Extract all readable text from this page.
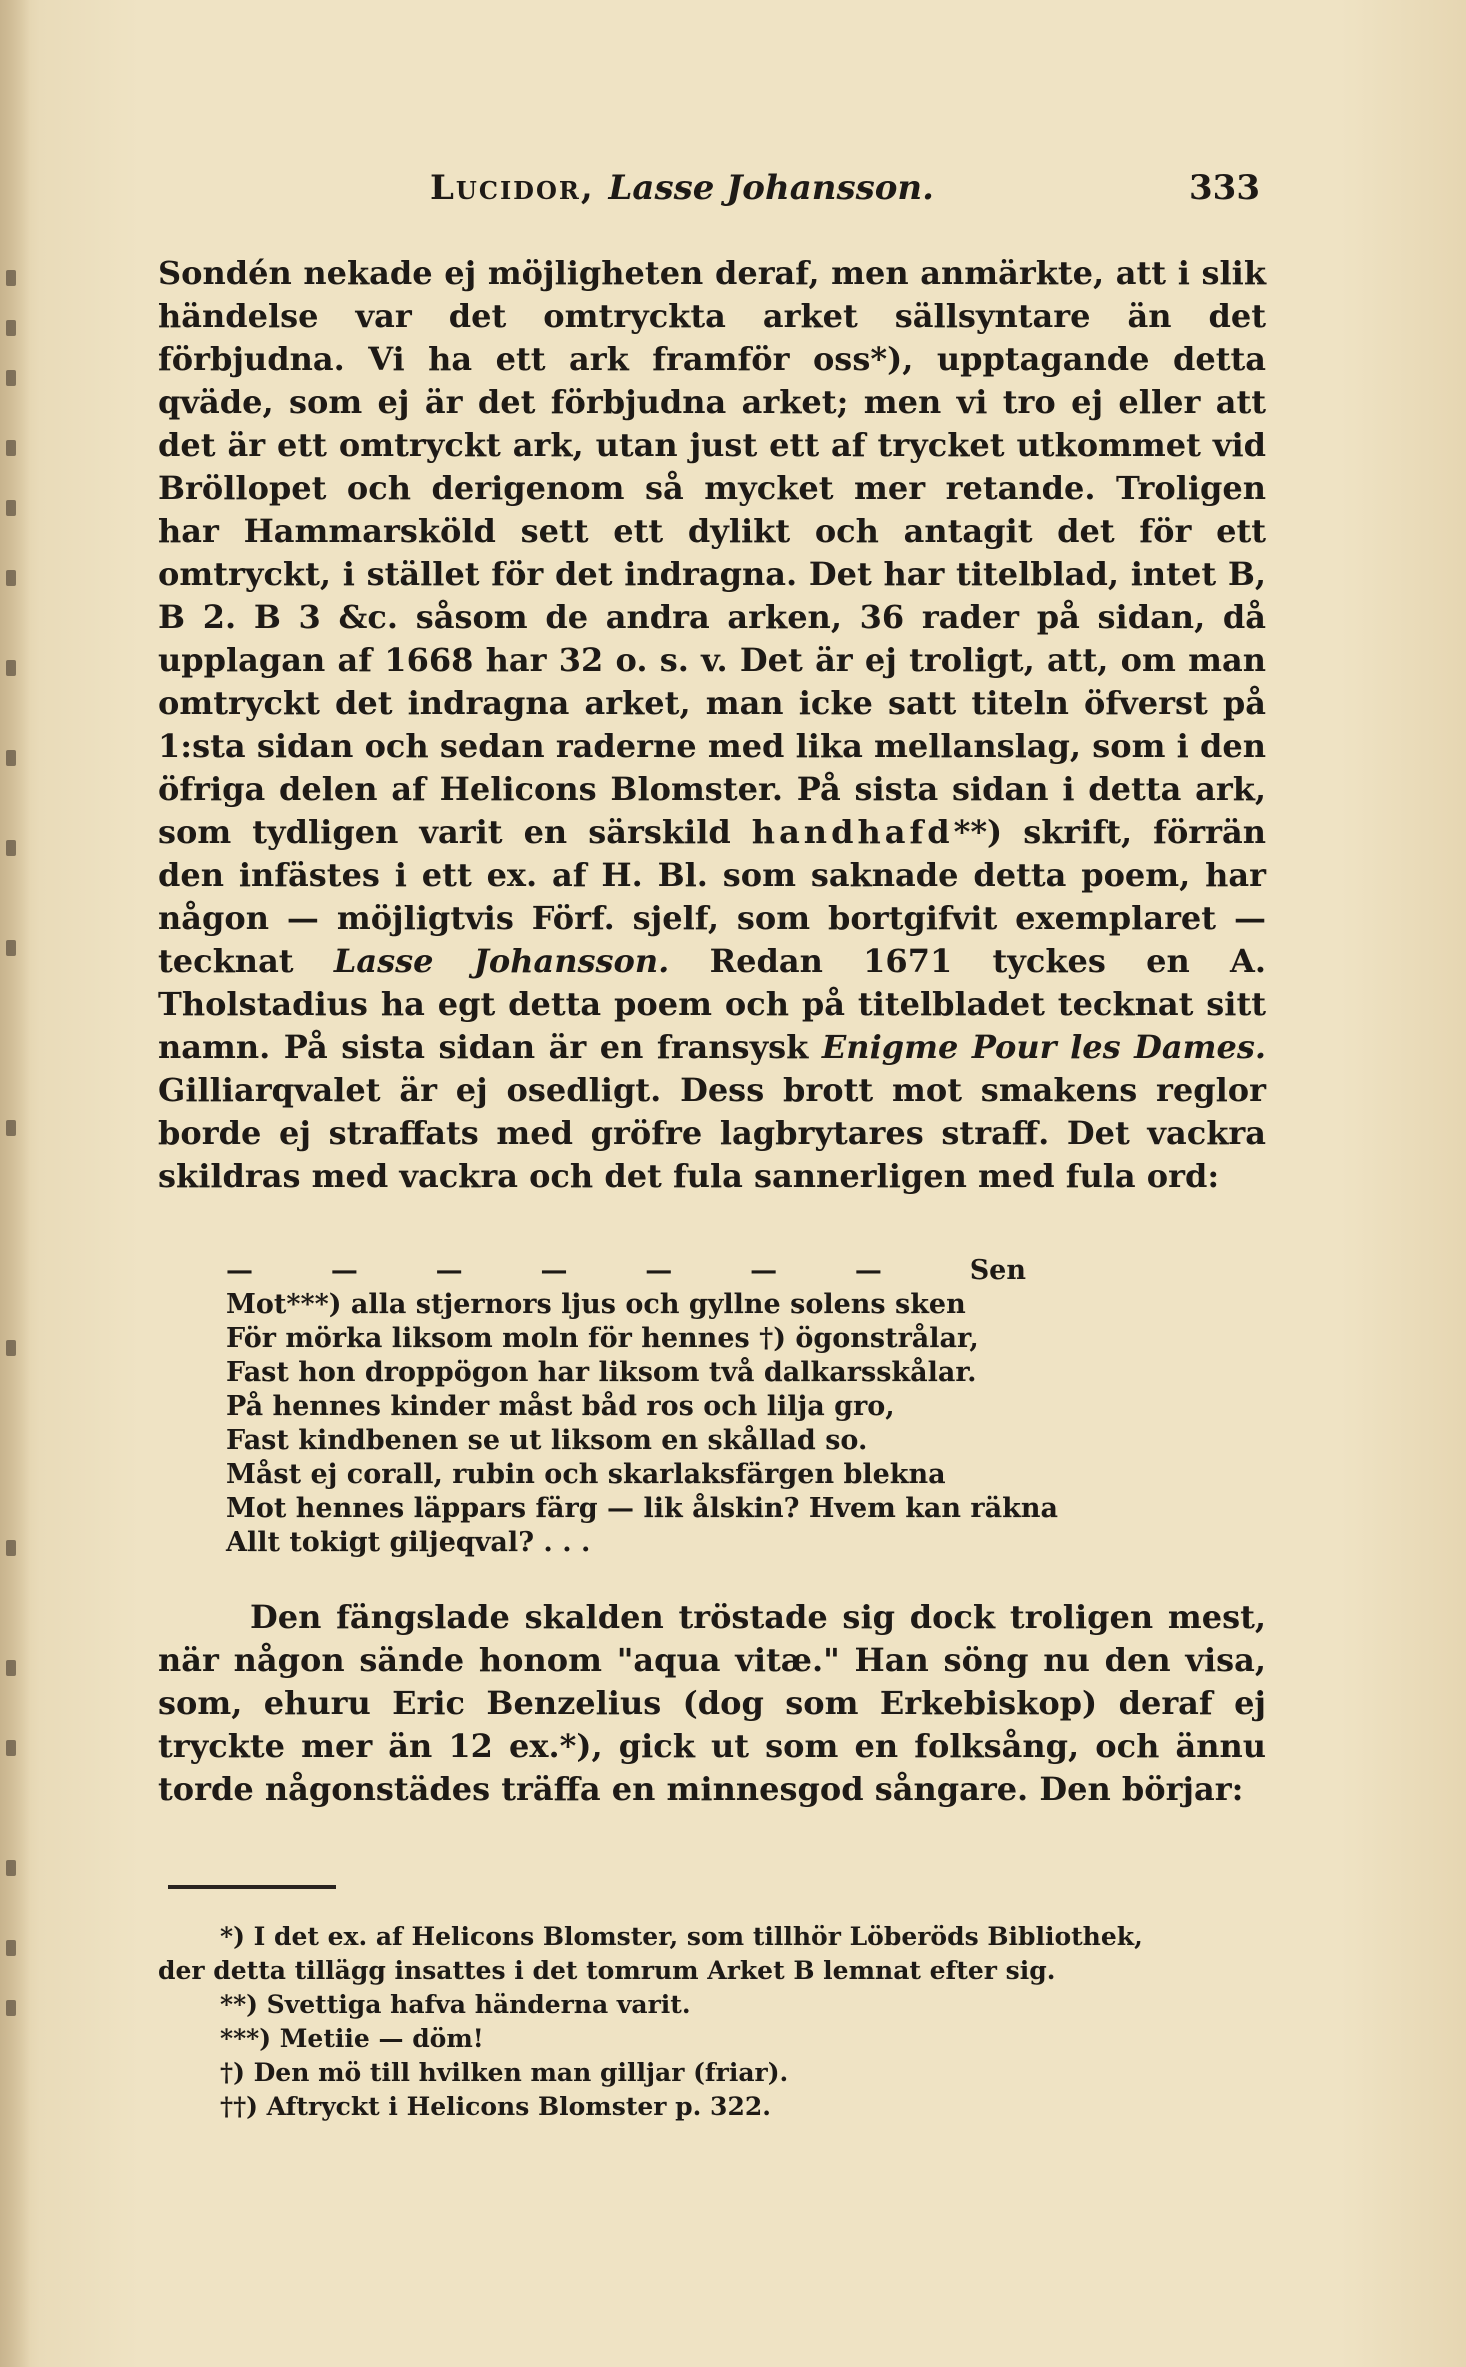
Lucidor, Lasse Johansson.	333

Sondén nekade ej möjligheten deraf, men anmärkte, att i slik händelse var det omtryckta arket sällsyntare än det förbjudna. Vi ha ett ark framför oss*), upptagande detta qväde, som ej är det förbjudna arket; men vi tro ej eller att det är ett omtryckt ark, utan just ett af trycket utkommet vid Bröllopet och derigenom så mycket mer retande. Troligen har Hammarsköld sett ett dylikt och antagit det för ett omtryckt, i stället för det indragna. Det har titelblad, intet B, B 2. B 3 &c. såsom de andra arken, 36 rader på sidan, då upplagan af 1668 har 32 o. s. v. Det är ej troligt, att, om man omtryckt det indragna arket, man icke satt titeln öfverst på 1:sta sidan och sedan raderne med lika mellanslag, som i den öfriga delen af Helicons Blomster. På sista sidan i detta ark, som tydligen varit en särskild handhafd**) skrift, förrän den infästes i ett ex. af H. Bl. som saknade detta poem, har någon — möjligtvis Förf. sjelf, som bortgifvit exemplaret — tecknat Lasse Johansson. Redan 1671 tyckes en A. Tholstadius ha egt detta poem och på titelbladet tecknat sitt namn. På sista sidan är en fransysk Enigme Pour les Dames. Gilliarqvalet är ej osedligt. Dess brott mot smakens reglor borde ej straffats med gröfre lagbrytares straff. Det vackra skildras med vackra och det fula sannerligen med fula ord:

—	—	—	—	—	—	—	Sen
Mot***) alla stjernors ljus och gyllne solens sken
För mörka liksom moln för hennes †) ögonstrålar,
Fast hon droppögon har liksom två dalkarsskålar.
På hennes kinder måst båd ros och lilja gro,
Fast kindbenen se ut liksom en skållad so.
Måst ej corall, rubin och skarlaksfärgen blekna
Mot hennes läppars färg — lik ålskin? Hvem kan räkna
Allt tokigt giljeqval? . . .
Den fängslade skalden tröstade sig dock troligen mest, när någon sände honom "aqua vitæ." Han söng nu den visa, som, ehuru Eric Benzelius (dog som Erkebiskop) deraf ej tryckte mer än 12 ex.*), gick ut som en folksång, och ännu torde någonstädes träffa en minnesgod sångare. Den börjar:
*) I det ex. af Helicons Blomster, som tillhör Löberöds Bibliothek,
der detta tillägg insattes i det tomrum Arket B lemnat efter sig.
**) Svettiga hafva händerna varit.
***) Metiie — döm!
†) Den mö till hvilken man gilljar (friar).
††) Aftryckt i Helicons Blomster p. 322.
